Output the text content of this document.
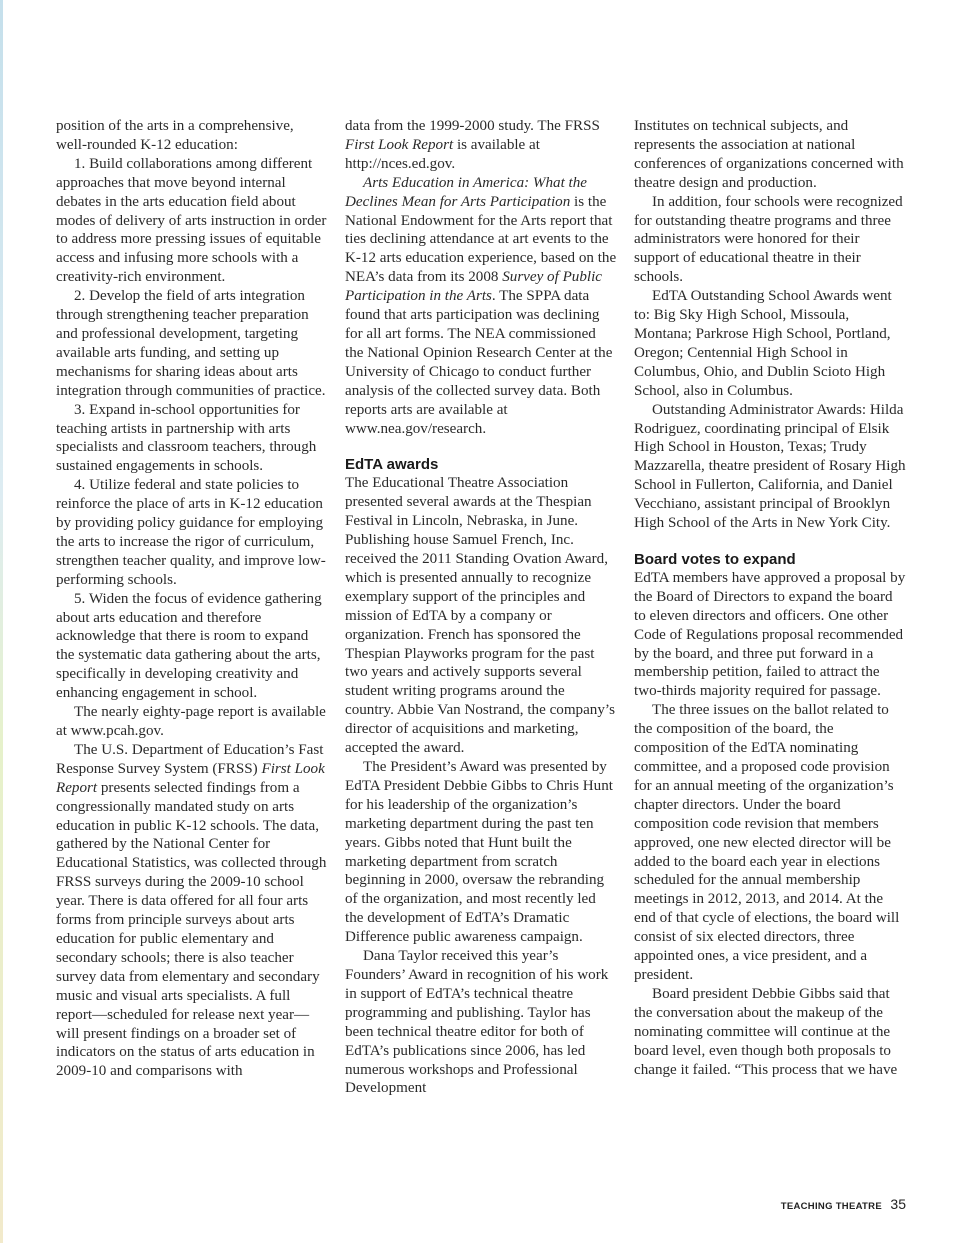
position of the arts in a comprehensive, well-rounded K-12 education:

1. Build collaborations among different approaches that move beyond internal debates in the arts education field about modes of delivery of arts instruction in order to address more pressing issues of equitable access and infusing more schools with a creativity-rich environment.

2. Develop the field of arts integration through strengthening teacher preparation and professional development, targeting available arts funding, and setting up mechanisms for sharing ideas about arts integration through communities of practice.

3. Expand in-school opportunities for teaching artists in partnership with arts specialists and classroom teachers, through sustained engagements in schools.

4. Utilize federal and state policies to reinforce the place of arts in K-12 education by providing policy guidance for employing the arts to increase the rigor of curriculum, strengthen teacher quality, and improve low-performing schools.

5. Widen the focus of evidence gathering about arts education and therefore acknowledge that there is room to expand the systematic data gathering about the arts, specifically in developing creativity and enhancing engagement in school.

The nearly eighty-page report is available at www.pcah.gov.

The U.S. Department of Education’s Fast Response Survey System (FRSS) First Look Report presents selected findings from a congressionally mandated study on arts education in public K-12 schools. The data, gathered by the National Center for Educational Statistics, was collected through FRSS surveys during the 2009-10 school year. There is data offered for all four arts forms from principle surveys about arts education for public elementary and secondary schools; there is also teacher survey data from elementary and secondary music and visual arts specialists. A full report—scheduled for release next year—will present findings on a broader set of indicators on the status of arts education in 2009-10 and comparisons with

data from the 1999-2000 study. The FRSS First Look Report is available at http://nces.ed.gov.

Arts Education in America: What the Declines Mean for Arts Participation is the National Endowment for the Arts report that ties declining attendance at art events to the K-12 arts education experience, based on the NEA’s data from its 2008 Survey of Public Participation in the Arts. The SPPA data found that arts participation was declining for all art forms. The NEA commissioned the National Opinion Research Center at the University of Chicago to conduct further analysis of the collected survey data. Both reports arts are available at www.nea.gov/research.

EdTA awards

The Educational Theatre Association presented several awards at the Thespian Festival in Lincoln, Nebraska, in June. Publishing house Samuel French, Inc. received the 2011 Standing Ovation Award, which is presented annually to recognize exemplary support of the principles and mission of EdTA by a company or organization. French has sponsored the Thespian Playworks program for the past two years and actively supports several student writing programs around the country. Abbie Van Nostrand, the company’s director of acquisitions and marketing, accepted the award.

The President’s Award was presented by EdTA President Debbie Gibbs to Chris Hunt for his leadership of the organization’s marketing department during the past ten years. Gibbs noted that Hunt built the marketing department from scratch beginning in 2000, oversaw the rebranding of the organization, and most recently led the development of EdTA’s Dramatic Difference public awareness campaign.

Dana Taylor received this year’s Founders’ Award in recognition of his work in support of EdTA’s technical theatre programming and publishing. Taylor has been technical theatre editor for both of EdTA’s publications since 2006, has led numerous workshops and Professional Development

Institutes on technical subjects, and represents the association at national conferences of organizations concerned with theatre design and production.

In addition, four schools were recognized for outstanding theatre programs and three administrators were honored for their support of educational theatre in their schools.

EdTA Outstanding School Awards went to: Big Sky High School, Missoula, Montana; Parkrose High School, Portland, Oregon; Centennial High School in Columbus, Ohio, and Dublin Scioto High School, also in Columbus.

Outstanding Administrator Awards: Hilda Rodriguez, coordinating principal of Elsik High School in Houston, Texas; Trudy Mazzarella, theatre president of Rosary High School in Fullerton, California, and Daniel Vecchiano, assistant principal of Brooklyn High School of the Arts in New York City.

Board votes to expand

EdTA members have approved a proposal by the Board of Directors to expand the board to eleven directors and officers. One other Code of Regulations proposal recommended by the board, and three put forward in a membership petition, failed to attract the two-thirds majority required for passage.

The three issues on the ballot related to the composition of the board, the composition of the EdTA nominating committee, and a proposed code provision for an annual meeting of the organization’s chapter directors. Under the board composition code revision that members approved, one new elected director will be added to the board each year in elections scheduled for the annual membership meetings in 2012, 2013, and 2014. At the end of that cycle of elections, the board will consist of six elected directors, three appointed ones, a vice president, and a president.

Board president Debbie Gibbs said that the conversation about the makeup of the nominating committee will continue at the board level, even though both proposals to change it failed. “This process that we have

TEACHING THEATRE 35
